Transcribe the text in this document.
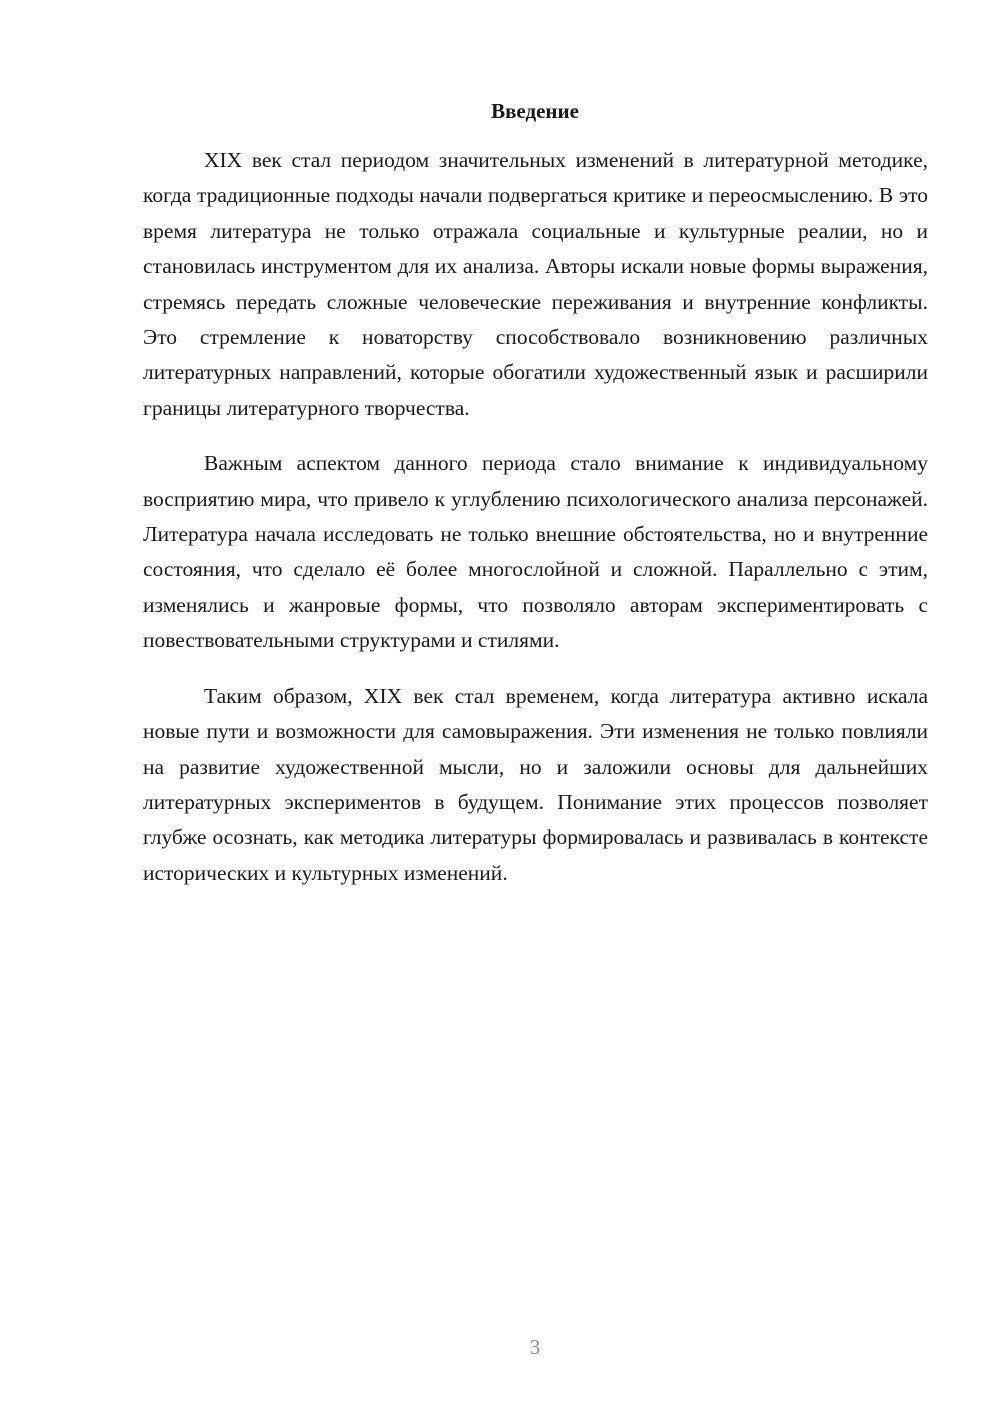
Введение

XIX век стал периодом значительных изменений в литературной методике, когда традиционные подходы начали подвергаться критике и переосмыслению. В это время литература не только отражала социальные и культурные реалии, но и становилась инструментом для их анализа. Авторы искали новые формы выражения, стремясь передать сложные человеческие переживания и внутренние конфликты. Это стремление к новаторству способствовало возникновению различных литературных направлений, которые обогатили художественный язык и расширили границы литературного творчества.

Важным аспектом данного периода стало внимание к индивидуальному восприятию мира, что привело к углублению психологического анализа персонажей. Литература начала исследовать не только внешние обстоятельства, но и внутренние состояния, что сделало её более многослойной и сложной. Параллельно с этим, изменялись и жанровые формы, что позволяло авторам экспериментировать с повествовательными структурами и стилями.

Таким образом, XIX век стал временем, когда литература активно искала новые пути и возможности для самовыражения. Эти изменения не только повлияли на развитие художественной мысли, но и заложили основы для дальнейших литературных экспериментов в будущем. Понимание этих процессов позволяет глубже осознать, как методика литературы формировалась и развивалась в контексте исторических и культурных изменений.

3
